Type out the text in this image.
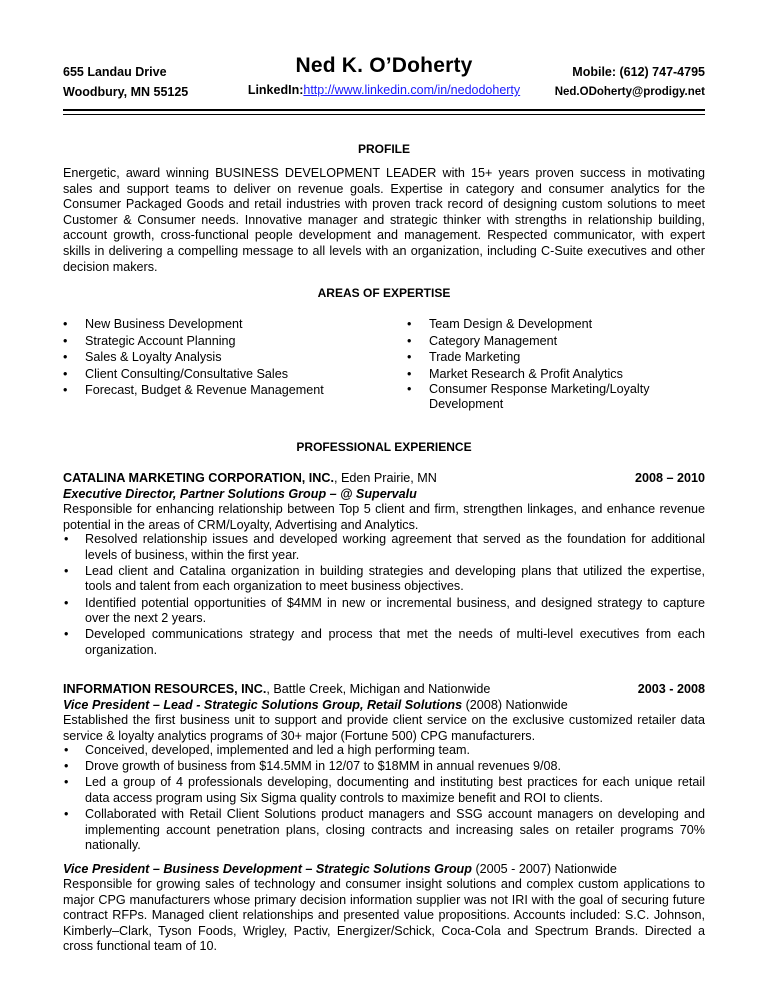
655 Landau Drive
Woodbury, MN 55125
Ned K. O’Doherty
LinkedIn:http://www.linkedin.com/in/nedodoherty
Mobile: (612) 747-4795
Ned.ODoherty@prodigy.net
PROFILE
Energetic, award winning BUSINESS DEVELOPMENT LEADER with 15+ years proven success in motivating sales and support teams to deliver on revenue goals. Expertise in category and consumer analytics for the Consumer Packaged Goods and retail industries with proven track record of designing custom solutions to meet Customer & Consumer needs. Innovative manager and strategic thinker with strengths in relationship building, account growth, cross-functional people development and management. Respected communicator, with expert skills in delivering a compelling message to all levels with an organization, including C-Suite executives and other decision makers.
AREAS OF EXPERTISE
• New Business Development
• Strategic Account Planning
• Sales & Loyalty Analysis
• Client Consulting/Consultative Sales
• Forecast, Budget & Revenue Management
• Team Design & Development
• Category Management
• Trade Marketing
• Market Research & Profit Analytics
• Consumer Response Marketing/Loyalty Development
PROFESSIONAL EXPERIENCE
CATALINA MARKETING CORPORATION, INC., Eden Prairie, MN	2008 – 2010
Executive Director, Partner Solutions Group – @ Supervalu
Responsible for enhancing relationship between Top 5 client and firm, strengthen linkages, and enhance revenue potential in the areas of CRM/Loyalty, Advertising and Analytics.
• Resolved relationship issues and developed working agreement that served as the foundation for additional levels of business, within the first year.
• Lead client and Catalina organization in building strategies and developing plans that utilized the expertise, tools and talent from each organization to meet business objectives.
• Identified potential opportunities of $4MM in new or incremental business, and designed strategy to capture over the next 2 years.
• Developed communications strategy and process that met the needs of multi-level executives from each organization.
INFORMATION RESOURCES, INC., Battle Creek, Michigan and Nationwide	2003 - 2008
Vice President – Lead - Strategic Solutions Group, Retail Solutions (2008) Nationwide
Established the first business unit to support and provide client service on the exclusive customized retailer data service & loyalty analytics programs of 30+ major (Fortune 500) CPG manufacturers.
• Conceived, developed, implemented and led a high performing team.
• Drove growth of business from $14.5MM in 12/07 to $18MM in annual revenues 9/08.
• Led a group of 4 professionals developing, documenting and instituting best practices for each unique retail data access program using Six Sigma quality controls to maximize benefit and ROI to clients.
• Collaborated with Retail Client Solutions product managers and SSG account managers on developing and implementing account penetration plans, closing contracts and increasing sales on retailer programs 70% nationally.
Vice President – Business Development – Strategic Solutions Group (2005 - 2007) Nationwide
Responsible for growing sales of technology and consumer insight solutions and complex custom applications to major CPG manufacturers whose primary decision information supplier was not IRI with the goal of securing future contract RFPs. Managed client relationships and presented value propositions. Accounts included: S.C. Johnson, Kimberly–Clark, Tyson Foods, Wrigley, Pactiv, Energizer/Schick, Coca-Cola and Spectrum Brands. Directed a cross functional team of 10.
